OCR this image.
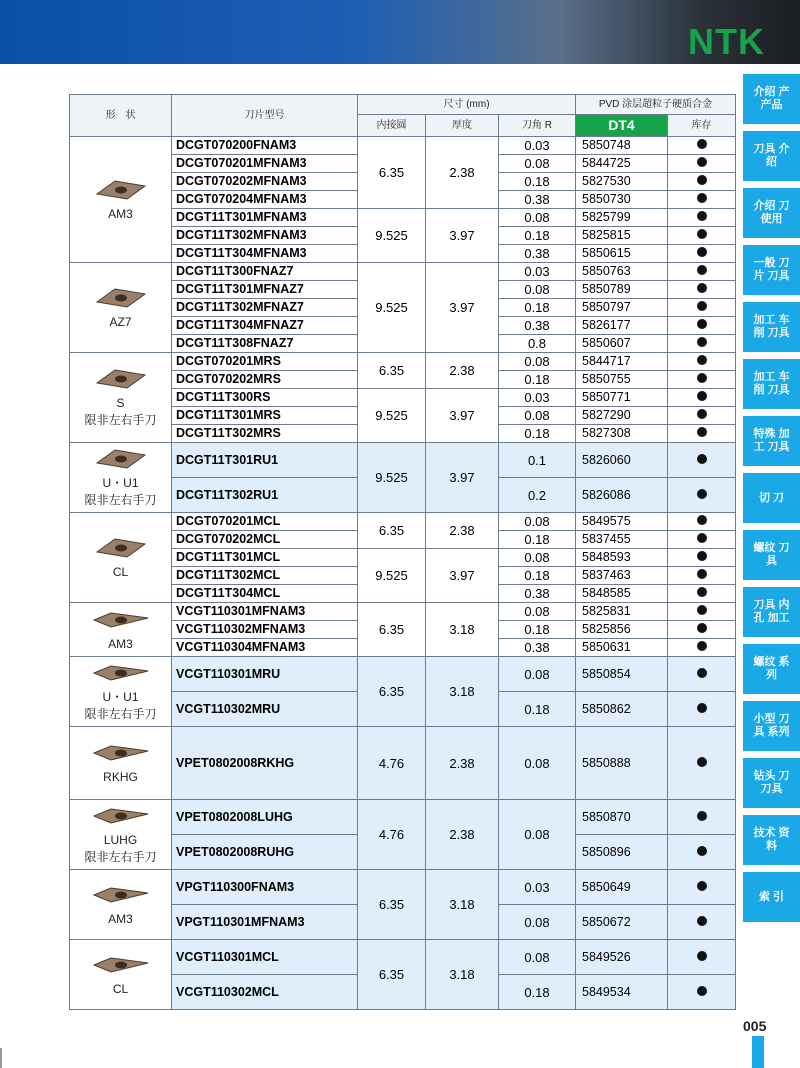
NTK
形　状	刀片型号	尺寸 (mm)			PVD 涂层超粒子硬质合金	
		内接圆	厚度	刀角 R	DT4	库存

AM3	DCGT070200FNAM3	6.35	2.38	0.03	5850748	
	DCGT070201MFNAM3			0.08	5844725	
	DCGT070202MFNAM3			0.18	5827530	
	DCGT070204MFNAM3			0.38	5850730	
	DCGT11T301MFNAM3	9.525	3.97	0.08	5825799	
	DCGT11T302MFNAM3			0.18	5825815	
	DCGT11T304MFNAM3			0.38	5850615	

AZ7	DCGT11T300FNAZ7	9.525	3.97	0.03	5850763	
	DCGT11T301MFNAZ7			0.08	5850789	
	DCGT11T302MFNAZ7			0.18	5850797	
	DCGT11T304MFNAZ7			0.38	5826177	
	DCGT11T308FNAZ7			0.8	5850607	

S
限非左右手刀	DCGT070201MRS	6.35	2.38	0.08	5844717	
	DCGT070202MRS			0.18	5850755	
	DCGT11T300RS	9.525	3.97	0.03	5850771	
	DCGT11T301MRS			0.08	5827290	
	DCGT11T302MRS			0.18	5827308	

U・U1
限非左右手刀	DCGT11T301RU1	9.525	3.97	0.1	5826060	
	DCGT11T302RU1			0.2	5826086	

CL	DCGT070201MCL	6.35	2.38	0.08	5849575	
	DCGT070202MCL			0.18	5837455	
	DCGT11T301MCL	9.525	3.97	0.08	5848593	
	DCGT11T302MCL			0.18	5837463	
	DCGT11T304MCL			0.38	5848585	

AM3	VCGT110301MFNAM3	6.35	3.18	0.08	5825831	
	VCGT110302MFNAM3			0.18	5825856	
	VCGT110304MFNAM3			0.38	5850631	

U・U1
限非左右手刀	VCGT110301MRU	6.35	3.18	0.08	5850854	
	VCGT110302MRU			0.18	5850862	

RKHG	VPET0802008RKHG	4.76	2.38	0.08	5850888	

LUHG
限非左右手刀	VPET0802008LUHG	4.76	2.38	0.08	5850870	
	VPET0802008RUHG				5850896	

AM3	VPGT110300FNAM3	6.35	3.18	0.03	5850649	
	VPGT110301MFNAM3			0.08	5850672	

CL	VCGT110301MCL	6.35	3.18	0.08	5849526	
	VCGT110302MCL			0.18	5849534	
介绍 产 产品
刀具 介绍
介绍 刀 使用
一般 刀片 刀具
加工 车削 刀具
加工 车削 刀具
特殊 加工 刀具
切 刀
螺纹 刀具
刀具 内孔 加工
螺纹 系列
小型 刀具 系列
钻头 刀 刀具
技术 资料
索 引
005
